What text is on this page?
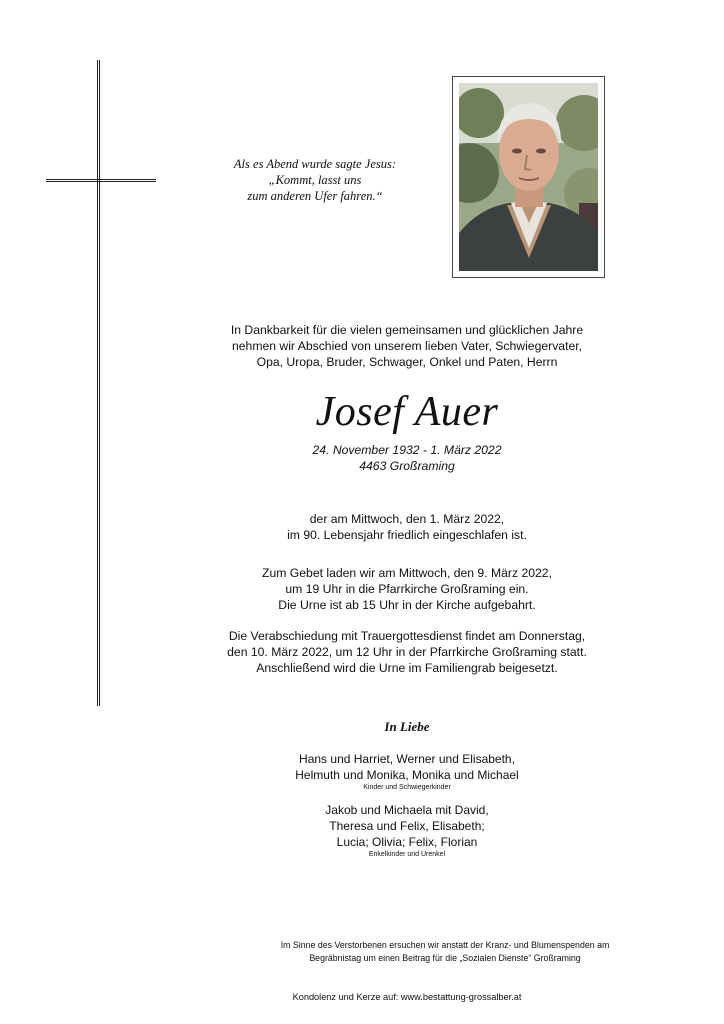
Als es Abend wurde sagte Jesus:
„Kommt, lasst uns
zum anderen Ufer fahren.“
In Dankbarkeit für die vielen gemeinsamen und glücklichen Jahre
nehmen wir Abschied von unserem lieben Vater, Schwiegervater,
Opa, Uropa, Bruder, Schwager, Onkel und Paten, Herrn
Josef Auer
24. November 1932 - 1. März 2022
4463 Großraming
der am Mittwoch, den 1. März 2022,
im 90. Lebensjahr friedlich eingeschlafen ist.
Zum Gebet laden wir am Mittwoch, den 9. März 2022,
um 19 Uhr in die Pfarrkirche Großraming ein.
Die Urne ist ab 15 Uhr in der Kirche aufgebahrt.
Die Verabschiedung mit Trauergottesdienst findet am Donnerstag,
den 10. März 2022, um 12 Uhr in der Pfarrkirche Großraming statt.
Anschließend wird die Urne im Familiengrab beigesetzt.
In Liebe
Hans und Harriet, Werner und Elisabeth,
Helmuth und Monika, Monika und Michael
Kinder und Schwiegerkinder
Jakob und Michaela mit David,
Theresa und Felix, Elisabeth;
Lucia; Olivia; Felix, Florian
Enkelkinder und Urenkel
Im Sinne des Verstorbenen ersuchen wir anstatt der Kranz- und Blumenspenden am
Begräbnistag um einen Beitrag für die „Sozialen Dienste“ Großraming
Kondolenz und Kerze auf: www.bestattung-grossalber.at
